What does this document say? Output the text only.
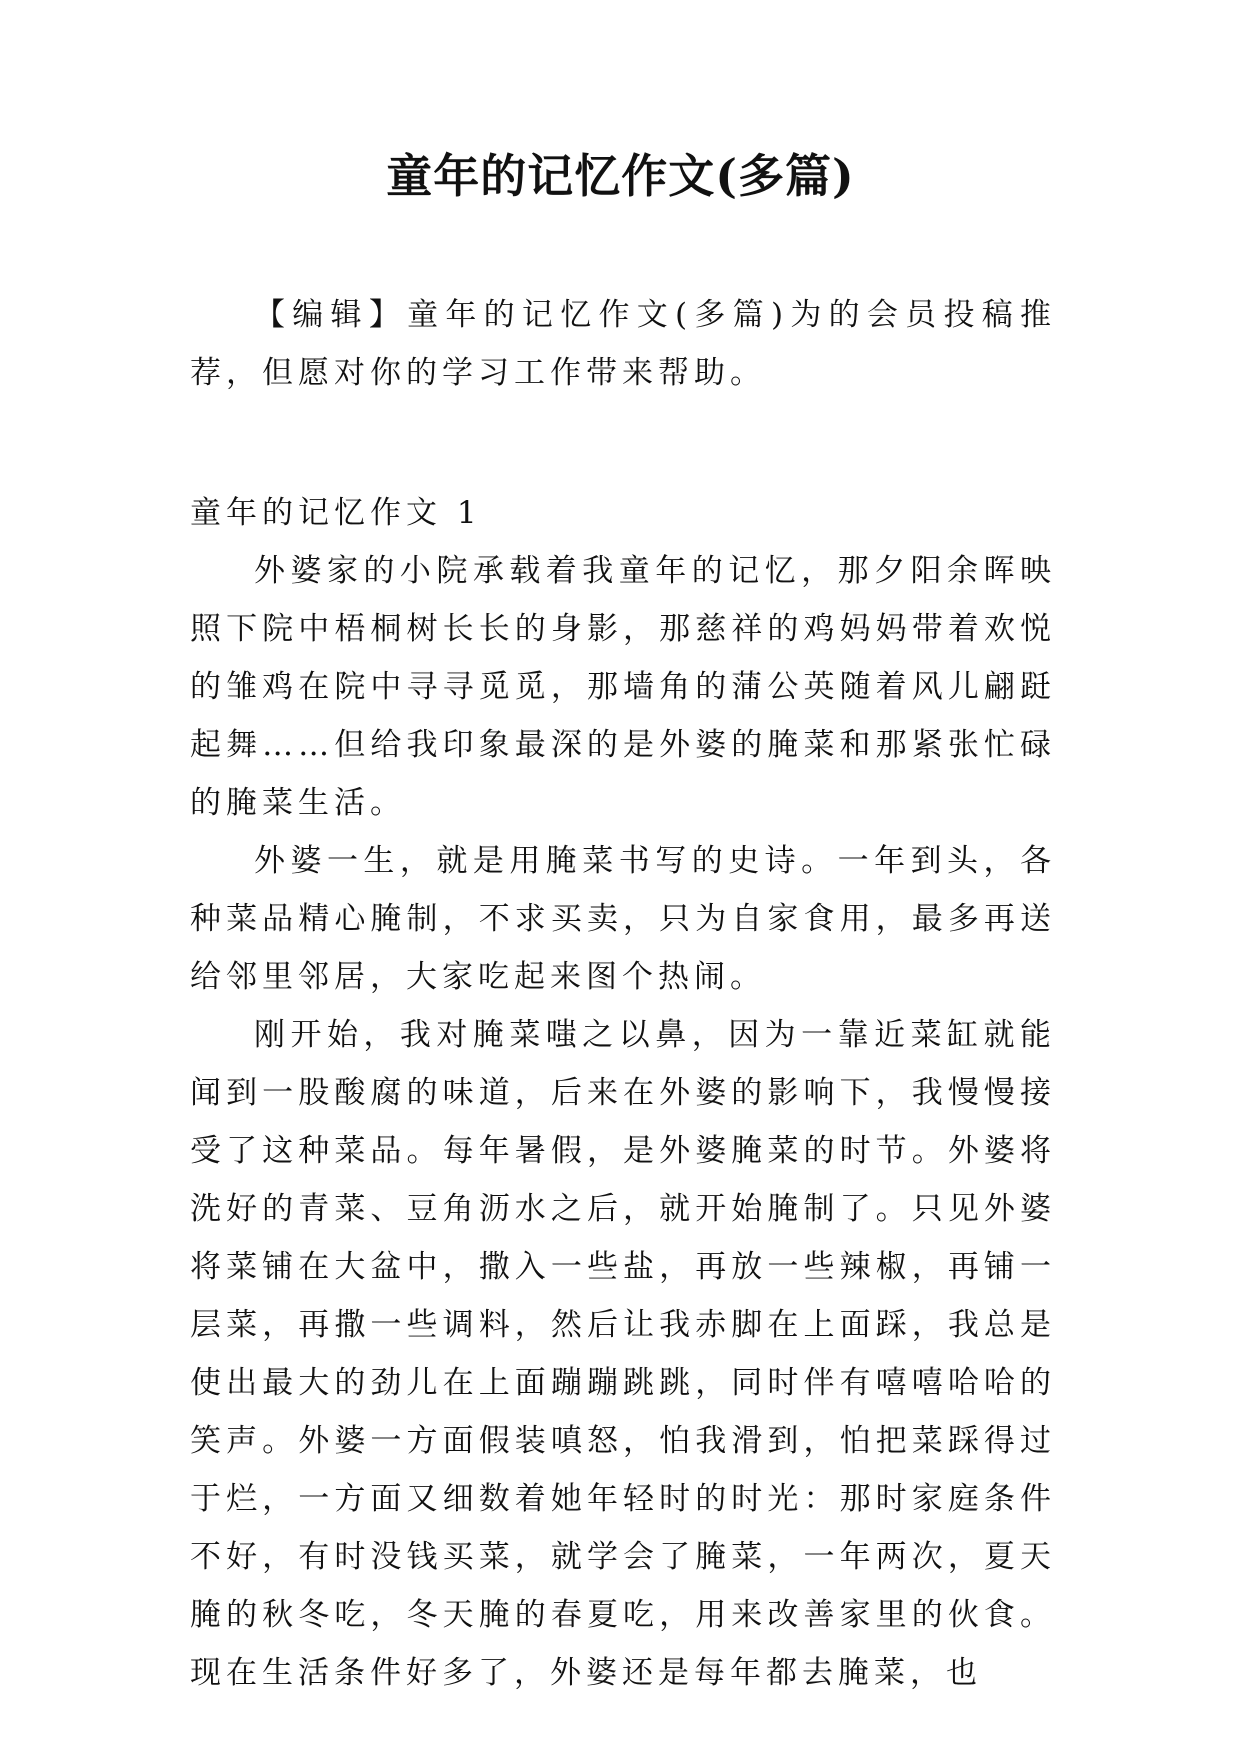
童年的记忆作文(多篇)

【编辑】童年的记忆作文(多篇)为的会员投稿推荐，但愿对你的学习工作带来帮助。

童年的记忆作文 1

外婆家的小院承载着我童年的记忆，那夕阳余晖映照下院中梧桐树长长的身影，那慈祥的鸡妈妈带着欢悦的雏鸡在院中寻寻觅觅，那墙角的蒲公英随着风儿翩跹起舞……但给我印象最深的是外婆的腌菜和那紧张忙碌的腌菜生活。

外婆一生，就是用腌菜书写的史诗。一年到头，各种菜品精心腌制，不求买卖，只为自家食用，最多再送给邻里邻居，大家吃起来图个热闹。

刚开始，我对腌菜嗤之以鼻，因为一靠近菜缸就能闻到一股酸腐的味道，后来在外婆的影响下，我慢慢接受了这种菜品。每年暑假，是外婆腌菜的时节。外婆将洗好的青菜、豆角沥水之后，就开始腌制了。只见外婆将菜铺在大盆中，撒入一些盐，再放一些辣椒，再铺一层菜，再撒一些调料，然后让我赤脚在上面踩，我总是使出最大的劲儿在上面蹦蹦跳跳，同时伴有嘻嘻哈哈的笑声。外婆一方面假装嗔怒，怕我滑到，怕把菜踩得过于烂，一方面又细数着她年轻时的时光：那时家庭条件不好，有时没钱买菜，就学会了腌菜，一年两次，夏天腌的秋冬吃，冬天腌的春夏吃，用来改善家里的伙食。现在生活条件好多了，外婆还是每年都去腌菜，也
